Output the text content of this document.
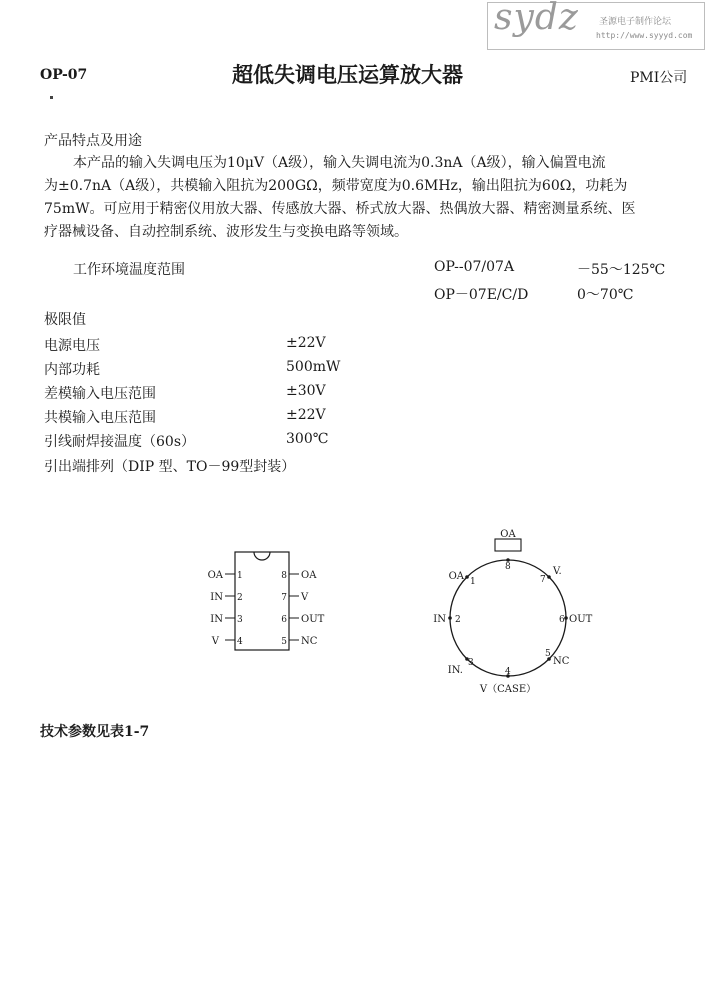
sydz 圣源电子制作论坛
http://www.syyyd.com
OP-07	超低失调电压运算放大器	PMI公司
产品特点及用途
本产品的输入失调电压为10μV（A级），输入失调电流为0.3nA（A级），输入偏置电流
为±0.7nA（A级），共模输入阻抗为200GΩ，频带宽度为0.6MHz，输出阻抗为60Ω，功耗为
75mW。可应用于精密仪用放大器、传感放大器、桥式放大器、热偶放大器、精密测量系统、医
疗器械设备、自动控制系统、波形发生与变换电路等领域。
工作环境温度范围	OP--07/07A	－55～125℃
OP－07E/C/D	0～70℃
极限值
电源电压	±22V
内部功耗	500mW
差模输入电压范围	±30V
共模输入电压范围	±22V
引线耐焊接温度（60s）	300℃
引出端排列（DIP 型、TO－99型封装）
OA 1
IN 2
IN 3
V 4
8 OA
7 V
6 OUT
5 NC
OA
8
7
6
5
4
3
2
1
V.
OUT
NC
V（CASE）
IN.
IN
OA
技术参数见表1-7
